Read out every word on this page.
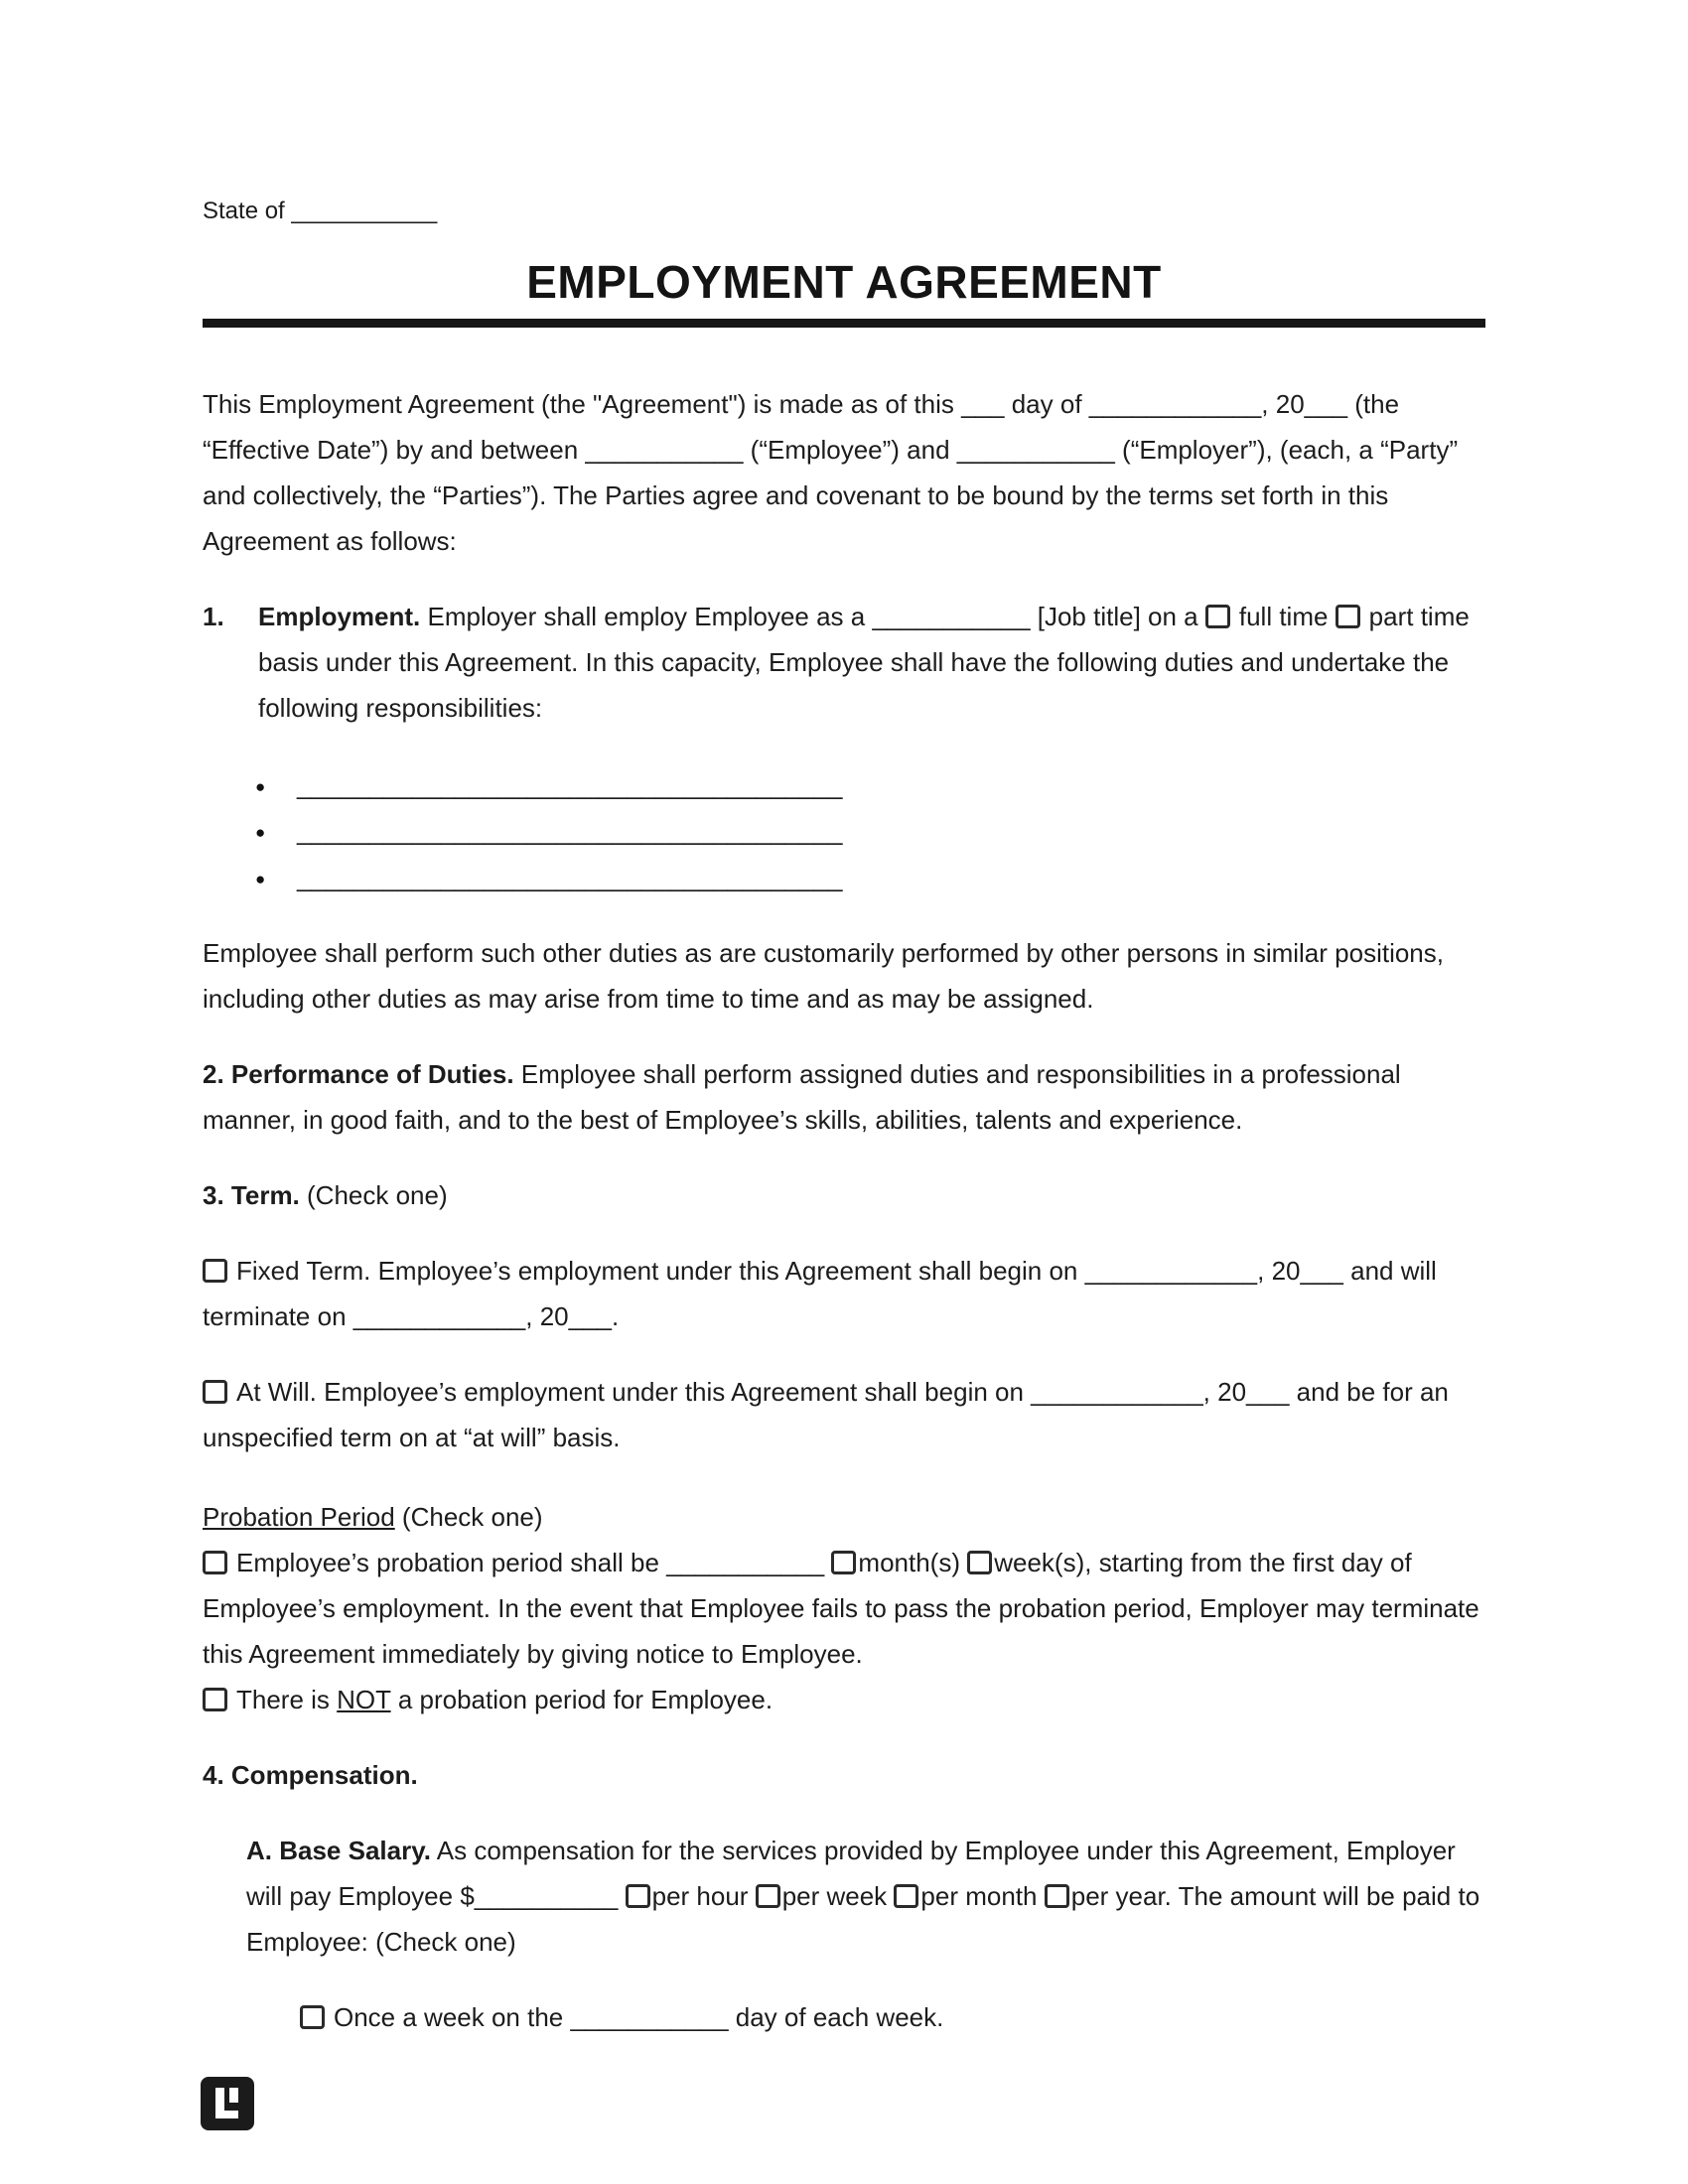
State of ___________

EMPLOYMENT AGREEMENT

This Employment Agreement (the "Agreement") is made as of this ___ day of ____________, 20___ (the “Effective Date”) by and between ___________ (“Employee”) and ___________ (“Employer”), (each, a “Party” and collectively, the “Parties”). The Parties agree and covenant to be bound by the terms set forth in this Agreement as follows:

1. Employment. Employer shall employ Employee as a ___________ [Job title] on a full time part time basis under this Agreement. In this capacity, Employee shall have the following duties and undertake the following responsibilities:

● ______________________________________
● ______________________________________
● ______________________________________

Employee shall perform such other duties as are customarily performed by other persons in similar positions, including other duties as may arise from time to time and as may be assigned.

2. Performance of Duties. Employee shall perform assigned duties and responsibilities in a professional manner, in good faith, and to the best of Employee’s skills, abilities, talents and experience.

3. Term. (Check one)

Fixed Term. Employee’s employment under this Agreement shall begin on ____________, 20___ and will terminate on ____________, 20___.

At Will. Employee’s employment under this Agreement shall begin on ____________, 20___ and be for an unspecified term on at “at will” basis.

Probation Period (Check one)

Employee’s probation period shall be ___________ month(s) week(s), starting from the first day of Employee’s employment. In the event that Employee fails to pass the probation period, Employer may terminate this Agreement immediately by giving notice to Employee.

There is NOT a probation period for Employee.

4. Compensation.

A. Base Salary. As compensation for the services provided by Employee under this Agreement, Employer will pay Employee $__________ per hour per week per month per year. The amount will be paid to Employee: (Check one)

Once a week on the ___________ day of each week.
